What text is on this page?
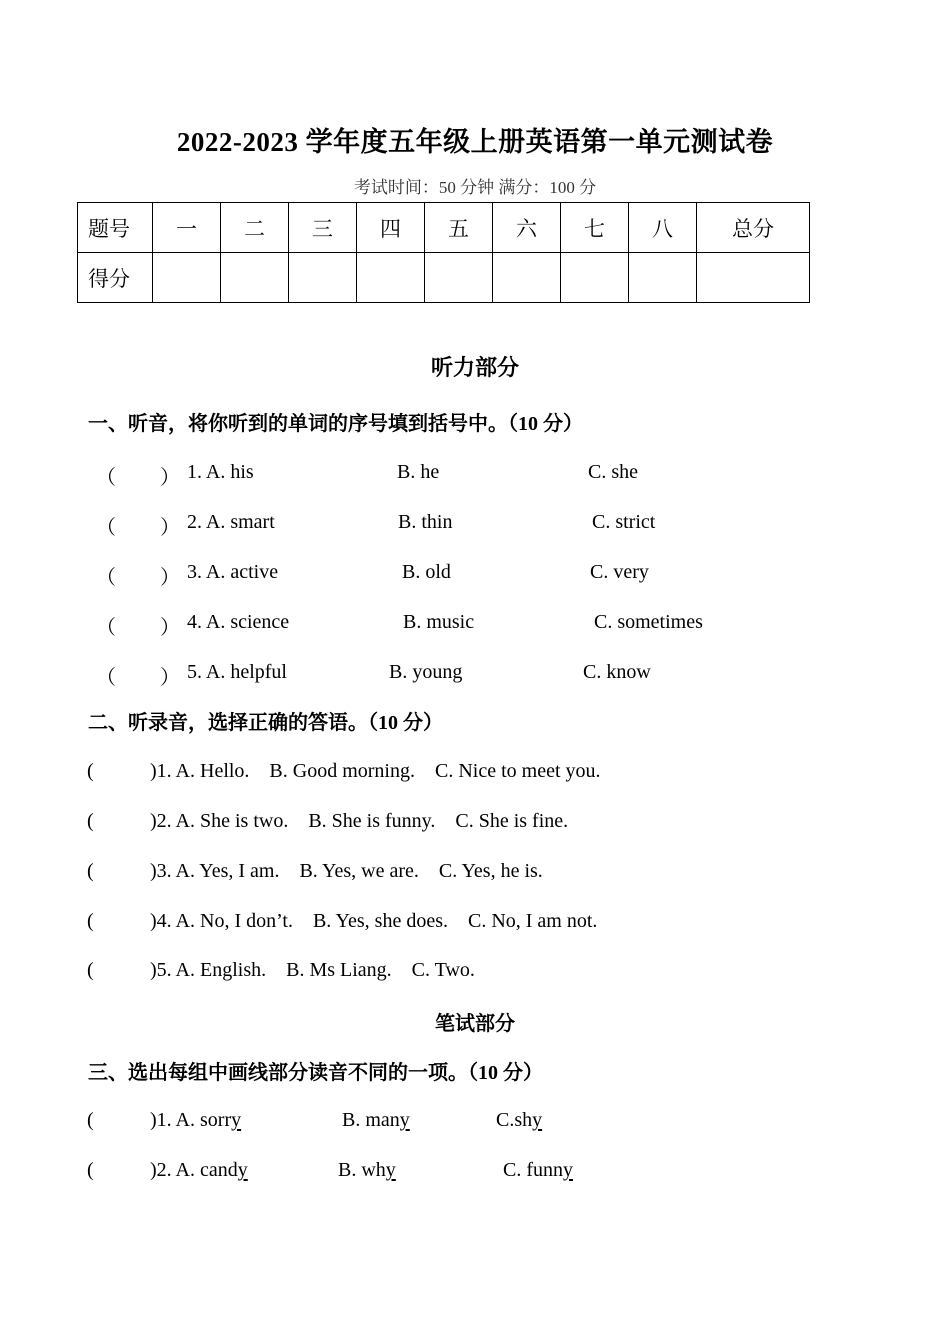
2022-2023 学年度五年级上册英语第一单元测试卷
考试时间：50 分钟 满分：100 分
题号	一	二	三	四	五	六	七	八	总分
得分									
听力部分
一、听音，将你听到的单词的序号填到括号中。（10 分）
（ ） 1. A. his	B. he	C. she
（ ） 2. A. smart	B. thin	C. strict
（ ） 3. A. active	B. old	C. very
（ ） 4. A. science	B. music	C. sometimes
（ ） 5. A. helpful	B. young	C. know
二、听录音，选择正确的答语。（10 分）
(	)1. A. Hello.    B. Good morning.    C. Nice to meet you.
(	)2. A. She is two.    B. She is funny.    C. She is fine.
(	)3. A. Yes, I am.    B. Yes, we are.    C. Yes, he is.
(	)4. A. No, I don’t.    B. Yes, she does.    C. No, I am not.
(	)5. A. English.    B. Ms Liang.    C. Two.
笔试部分
三、选出每组中画线部分读音不同的一项。（10 分）
(	)1. A. sorry	B. many	C.shy
(	)2. A. candy	B. why	C. funny
